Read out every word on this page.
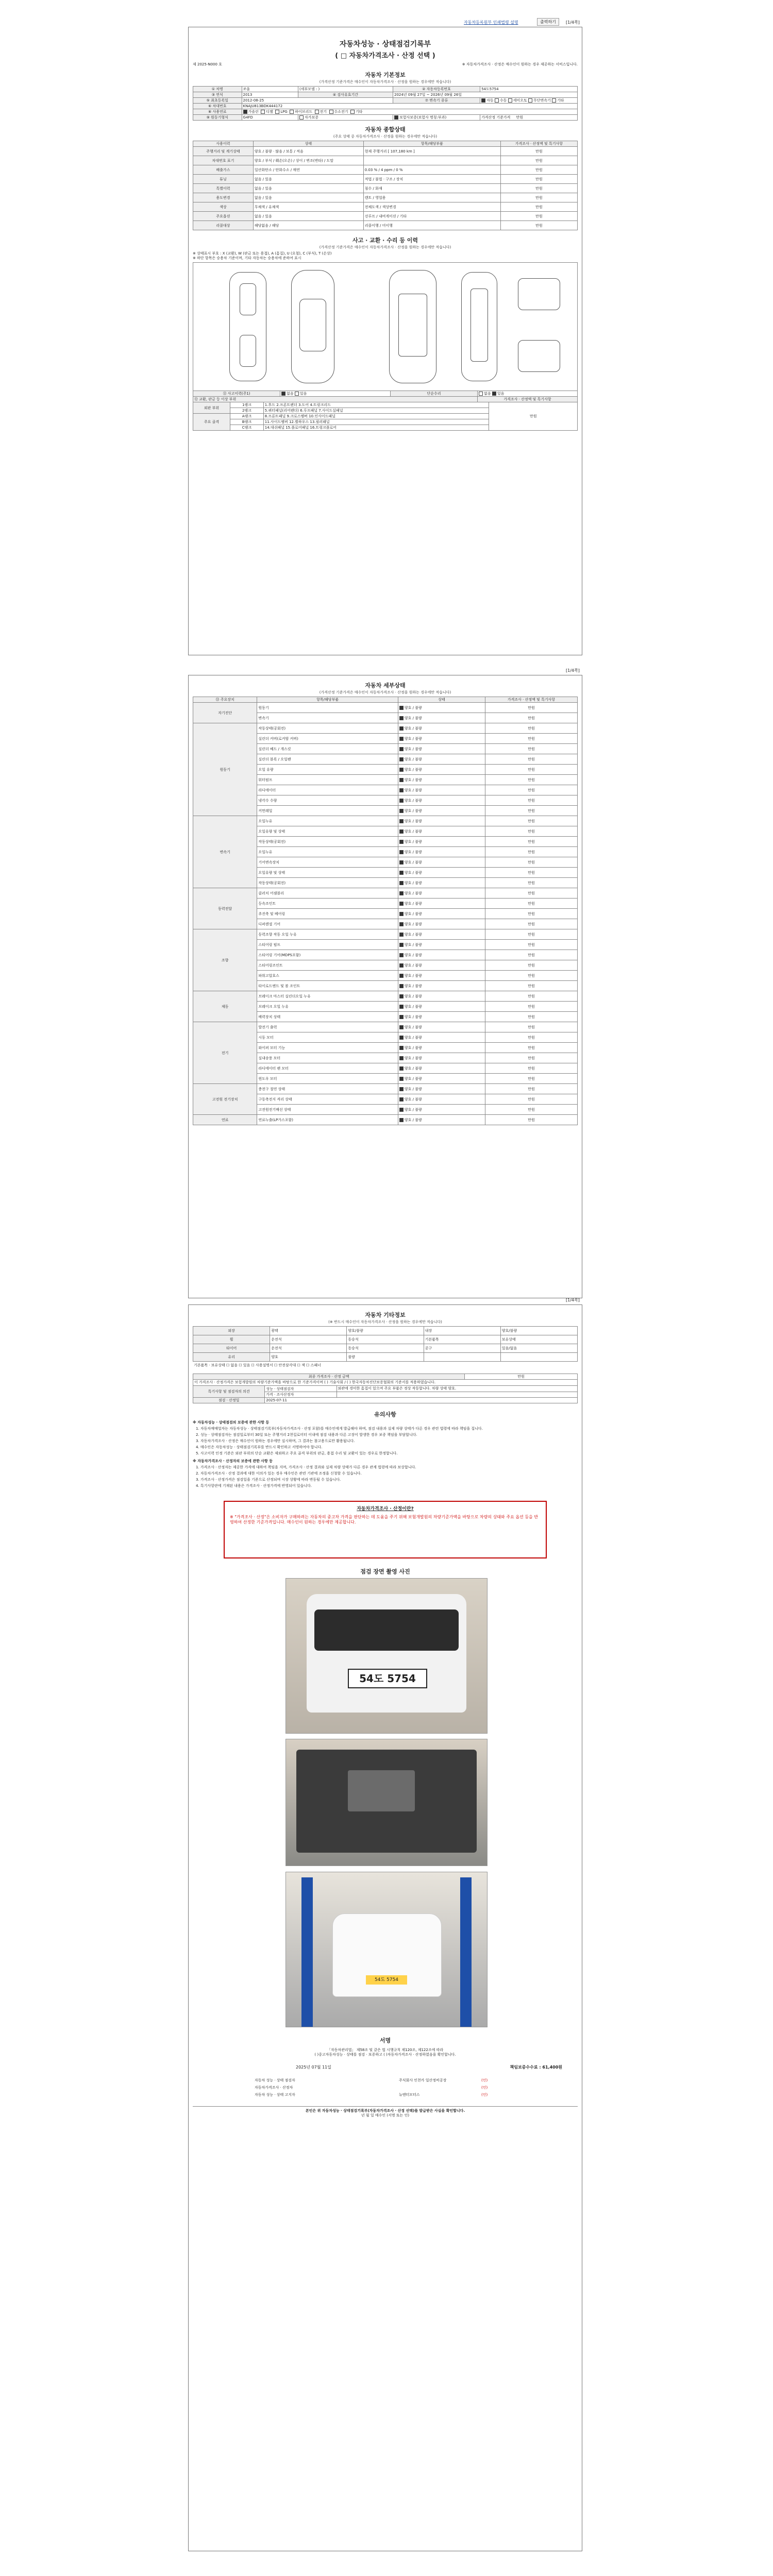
자동차등록원부 인쇄법령 설명	출력하기	[1/4쪽]
자동차성능 · 상태점검기록부
( □ 자동차가격조사 · 산정 선택 )
제 2025-N000 호	※ 자동차가격조사 · 산정은 매수인이 원하는 경우 제공하는 서비스입니다.
자동차 기본정보
(가격산정 기준가격은 매수인이 자동차가격조사 · 산정을 원하는 경우에만 적습니다)
① 차명	쏘울	(세부모델 : )	② 자동차등록번호	54도5754
③ 연식	2013	④ 검사유효기간	2024년 09월 27일 ~ 2026년 09월 26일	
⑤ 최초등록일	2012-08-25		⑦ 변속기 종류	자동 수동 세미오토 무단변속기 기타
⑥ 차대번호	KNAJU813BDK444172			
⑧ 사용연료	가솔린 디젤 LPG 하이브리드 전기 수소전기 기타			
⑨ 원동기형식	G4FD	자가보증	보험사보증(보험사 명칭:부과)	가격산정 기준가격 만원
자동차 종합상태
(주요 상태 중 자동차가격조사 · 산정을 원하는 경우에만 적습니다)
사용이력	상태	항목/해당부품	가격조사 · 산정액 및 특기사항
주행거리 및 계기상태	양호 / 불량 · 많음 / 보통 / 적음	현재 주행거리 [ 107,180 km ]	만원
차대번호 표기	양호 / 부식 / 훼손(오손) / 상이 / 변조(변타) / 도말		만원
배출가스	일산화탄소 / 탄화수소 / 매연	0.03 % / 4 ppm / 0 %	만원
튜닝	없음 / 있음	적법 / 불법 · 구조 / 장치	만원
특별이력	없음 / 있음	침수 / 화재	만원
용도변경	없음 / 있음	렌트 / 영업용	만원
색상	무채색 / 유채색	전체도색 / 색상변경	만원
주요옵션	없음 / 있음	선루프 / 내비게이션 / 기타	만원
리콜대상	해당없음 / 해당	리콜이행 / 미이행	만원
사고 · 교환 · 수리 등 이력
(가격산정 기준가격은 매수인이 자동차가격조사 · 산정을 원하는 경우에만 적습니다)
※ 상태표시 부호 : X (교환), W (판금 또는 용접), A (흠집), U (요철), C (부식), T (손상)
※ 하단 항목은 승용차 기준이며, 기타 자동차는 승용차에 준하여 표시
⑪ 사고이력(주1)	없음 있음	단순수리	없음 있음
⑫ 교환, 판금 등 이상 부위			가격조사 · 산정액 및 특기사항
외판 부위	1랭크	1.후드 2.프론트펜더 3.도어 4.트렁크리드	만원
	2랭크	5.쿼터패널(리어펜더) 6.루프패널 7.사이드실패널	
주요 골격	A랭크	8.프론트패널 9.크로스멤버 10.인사이드패널	
	B랭크	11.사이드멤버 12.휠하우스 13.필러패널	
	C랭크	14.대쉬패널 15.플로어패널 16.트렁크플로어	
[1/4쪽]
자동차 세부상태
(가격산정 기준가격은 매수인이 자동차가격조사 · 산정을 원하는 경우에만 적습니다)
⑬ 주요장치	항목/해당부품	상태	가격조사 · 산정액 및 특기사항
자기진단	원동기	양호 / 불량	만원
	변속기	양호 / 불량	만원
원동기	작동상태(공회전)	양호 / 불량	만원
	실린더 커버(로커암 커버)	양호 / 불량	만원
	실린더 헤드 / 개스킷	양호 / 불량	만원
	실린더 블록 / 오일팬	양호 / 불량	만원
	오일 유량	양호 / 불량	만원
	워터펌프	양호 / 불량	만원
	라디에이터	양호 / 불량	만원
	냉각수 수량	양호 / 불량	만원
	커먼레일	양호 / 불량	만원
변속기	오일누유	양호 / 불량	만원
	오일유량 및 상태	양호 / 불량	만원
	작동상태(공회전)	양호 / 불량	만원
	오일누유	양호 / 불량	만원
	기어변속장치	양호 / 불량	만원
	오일유량 및 상태	양호 / 불량	만원
	작동상태(공회전)	양호 / 불량	만원
동력전달	클러치 어셈블리	양호 / 불량	만원
	등속조인트	양호 / 불량	만원
	추진축 및 베어링	양호 / 불량	만원
	디퍼렌셜 기어	양호 / 불량	만원
조향	동력조향 작동 오일 누유	양호 / 불량	만원
	스티어링 펌프	양호 / 불량	만원
	스티어링 기어(MDPS포함)	양호 / 불량	만원
	스티어링조인트	양호 / 불량	만원
	파워고압호스	양호 / 불량	만원
	타이로드엔드 및 볼 조인트	양호 / 불량	만원
제동	브레이크 마스터 실린더오일 누유	양호 / 불량	만원
	브레이크 오일 누유	양호 / 불량	만원
	배력장치 상태	양호 / 불량	만원
전기	발전기 출력	양호 / 불량	만원
	시동 모터	양호 / 불량	만원
	와이퍼 모터 기능	양호 / 불량	만원
	실내송풍 모터	양호 / 불량	만원
	라디에이터 팬 모터	양호 / 불량	만원
	윈도우 모터	양호 / 불량	만원
고전원 전기장치	충전구 절연 상태	양호 / 불량	만원
	구동축전지 격리 상태	양호 / 불량	만원
	고전원전기배선 상태	양호 / 불량	만원
연료	연료누출(LP가스포함)	양호 / 불량	만원
[1/4쪽]
자동차 기타정보
(※ 반드시 매수인이 자동차가격조사 · 산정을 원하는 경우에만 적습니다)
외장	광택	양호/불량	내장	양호/불량
휠	운전석	동승석	기본품목	보유상태
타이어	운전석	동승석	공구	있음/없음
유리	양호	불량		
기본품목 · 보유상태 ☐ 없음 ☐ 있음 ☐ 사용설명서 ☐ 안전삼각대 ☐ 잭 ☐ 스패너
최종 가격조사 · 산정 금액	만원
이 가격조사 · 산정가격은 보험개발원의 차량기준가액을 바탕으로 한 기준가격이며 ( ) 기술사회 / ( ) 한국자동차진단보증협회의 기준서를 적용하였습니다.
특기사항 및 점검자의 의견	성능 · 상태점검자	외관에 경미한 흠집이 있으며 주요 부품은 정상 작동합니다. 차량 상태 양호.
	가격 · 조사산정자	
점검 · 산정일	2025-07-11	
유의사항
※ 자동차성능 · 상태점검의 보증에 관한 사항 등
1. 자동차매매업자는 자동차성능 · 상태점검기록부(자동차가격조사 · 산정 포함)를 매수인에게 발급해야 하며, 점검 내용과 실제 차량 상태가 다른 경우 관련 법령에 따라 책임을 집니다.
2. 성능 · 상태점검자는 점검일로부터 30일 또는 주행거리 2천킬로미터 이내에 점검 내용과 다른 고장이 발생한 경우 보증 책임을 부담합니다.
3. 자동차가격조사 · 산정은 매수인이 원하는 경우에만 실시하며, 그 결과는 참고용으로만 활용됩니다.
4. 매수인은 자동차성능 · 상태점검기록부를 반드시 확인하고 서명하여야 합니다.
5. 사고이력 인정 기준은 외판 부위의 단순 교환은 제외하고 주요 골격 부위의 판금, 용접 수리 및 교환이 있는 경우로 한정합니다.
※ 자동차가격조사 · 산정자의 보증에 관한 사항 등
1. 가격조사 · 산정자는 제공한 가격에 대하여 책임을 지며, 가격조사 · 산정 결과와 실제 차량 상태가 다른 경우 관계 법령에 따라 보상합니다.
2. 자동차가격조사 · 산정 결과에 대한 이의가 있는 경우 매수인은 관련 기관에 조정을 신청할 수 있습니다.
3. 가격조사 · 산정가격은 점검일을 기준으로 산정되며 시장 상황에 따라 변동될 수 있습니다.
4. 특기사항란에 기재된 내용은 가격조사 · 산정가격에 반영되어 있습니다.
자동차가격조사 · 산정이란?
※ "가격조사 · 산정"은 소비자가 구매하려는 자동차의 중고차 가격을 판단하는 데 도움을 주기 위해 보험개발원의 차량기준가액을 바탕으로 차량의 상태와 주요 옵션 등을 반영하여 산정한 기준가격입니다. 매수인이 원하는 경우에만 제공합니다.
점검 장면 촬영 사진
54도 5754
54도 5754
서명
「자동차관리법」 제58조 및 같은 법 시행규칙 제120조, 제122조에 따라
( )중고자동차성능 · 상태를 점검 · 보증하고 ( )자동차가격조사 · 산정하였음을 확인합니다.
2025년 07월 11일	책임보증수수료 : 61,400원
자동차 성능 · 상태 점검자
자동차가격조사 · 산정자
자동차 성능 · 상태 고지자
주식회사 인천카 일산정비공장	(인)
(인)
뉴엔터모터스	(인)
본인은 위 자동차성능 · 상태점검기록부(자동차가격조사 · 산정 선택)를 발급받은 사실을 확인합니다.
년 월 일 매수인 (서명 또는 인)
